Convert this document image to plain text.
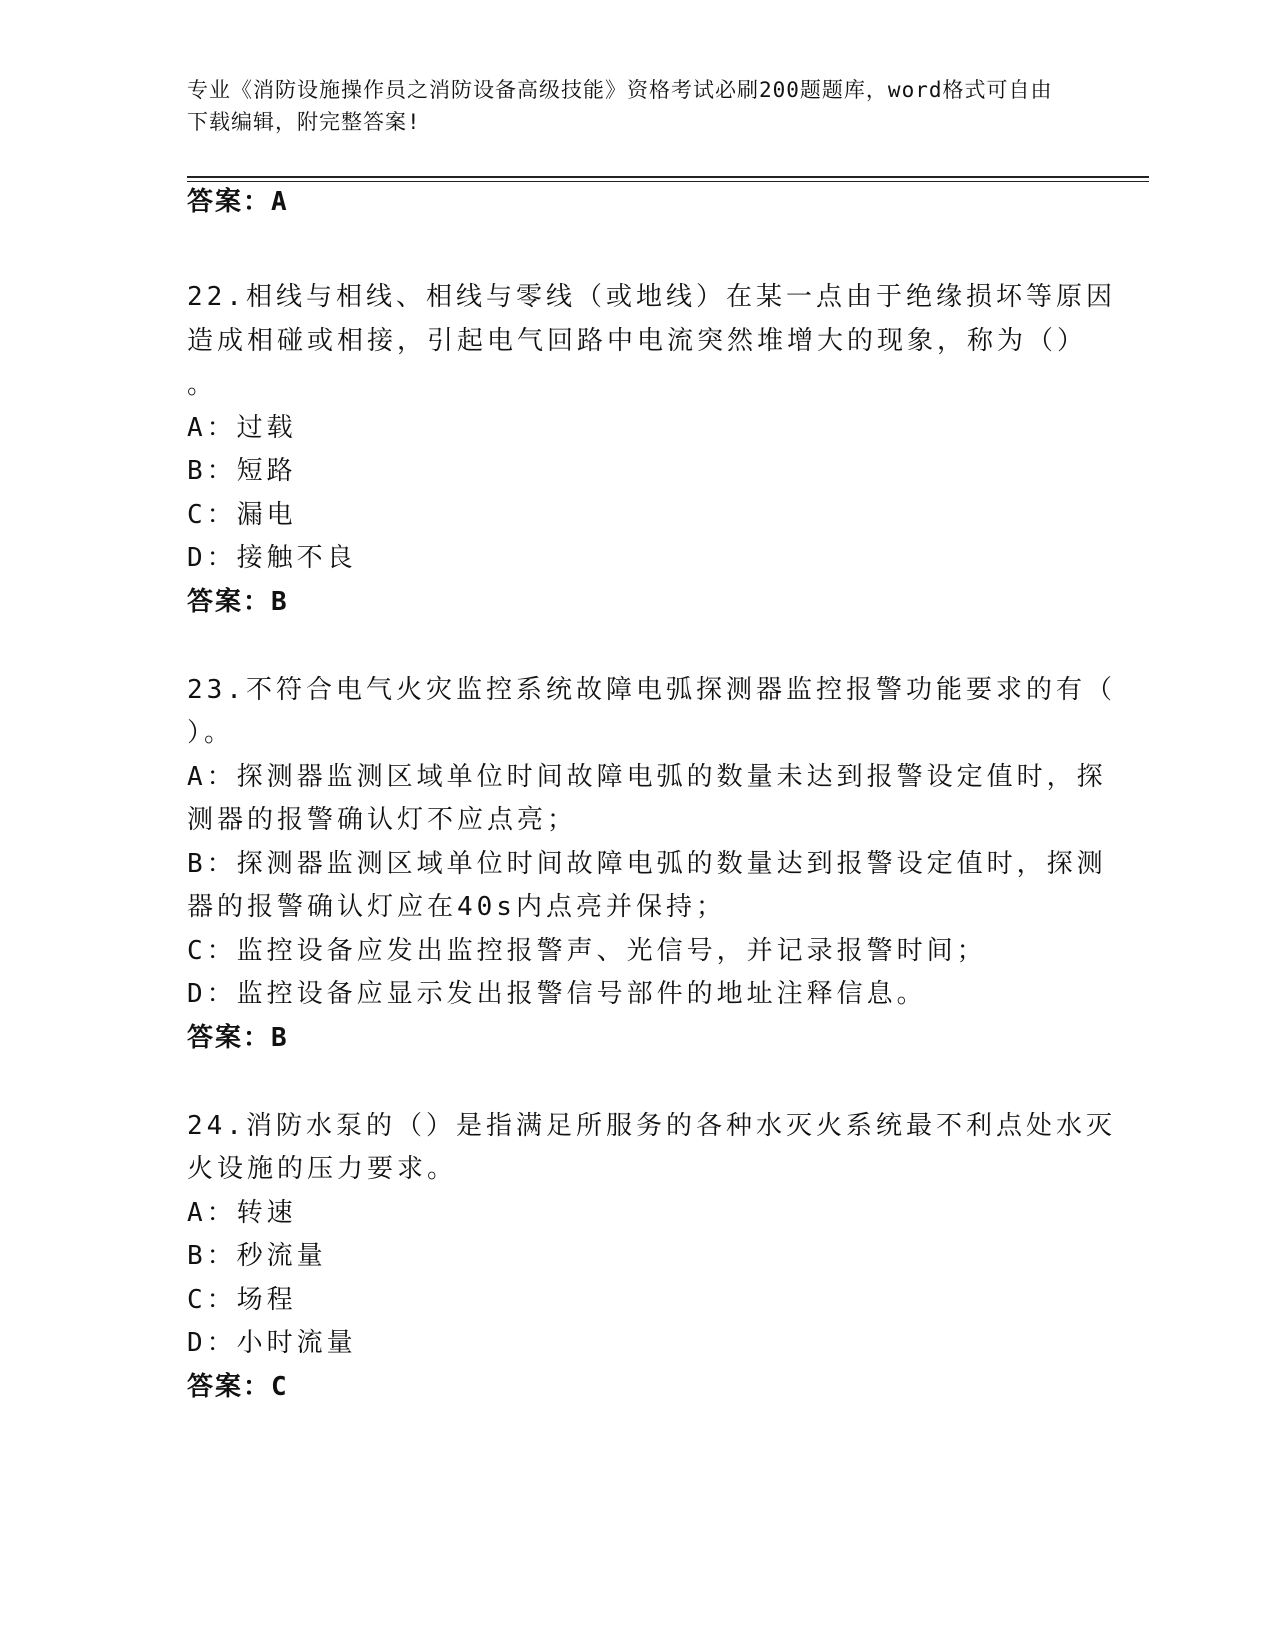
专业《消防设施操作员之消防设备高级技能》资格考试必刷200题题库，word格式可自由下载编辑，附完整答案!
答案：A
22.相线与相线、相线与零线（或地线）在某一点由于绝缘损坏等原因
造成相碰或相接，引起电气回路中电流突然堆增大的现象，称为（）
。
A：过载
B：短路
C：漏电
D：接触不良
答案：B
23.不符合电气火灾监控系统故障电弧探测器监控报警功能要求的有（
）。
A：探测器监测区域单位时间故障电弧的数量未达到报警设定值时，探
测器的报警确认灯不应点亮；
B：探测器监测区域单位时间故障电弧的数量达到报警设定值时，探测
器的报警确认灯应在40s内点亮并保持；
C：监控设备应发出监控报警声、光信号，并记录报警时间；
D：监控设备应显示发出报警信号部件的地址注释信息。
答案：B
24.消防水泵的（）是指满足所服务的各种水灭火系统最不利点处水灭
火设施的压力要求。
A：转速
B：秒流量
C：场程
D：小时流量
答案：C
